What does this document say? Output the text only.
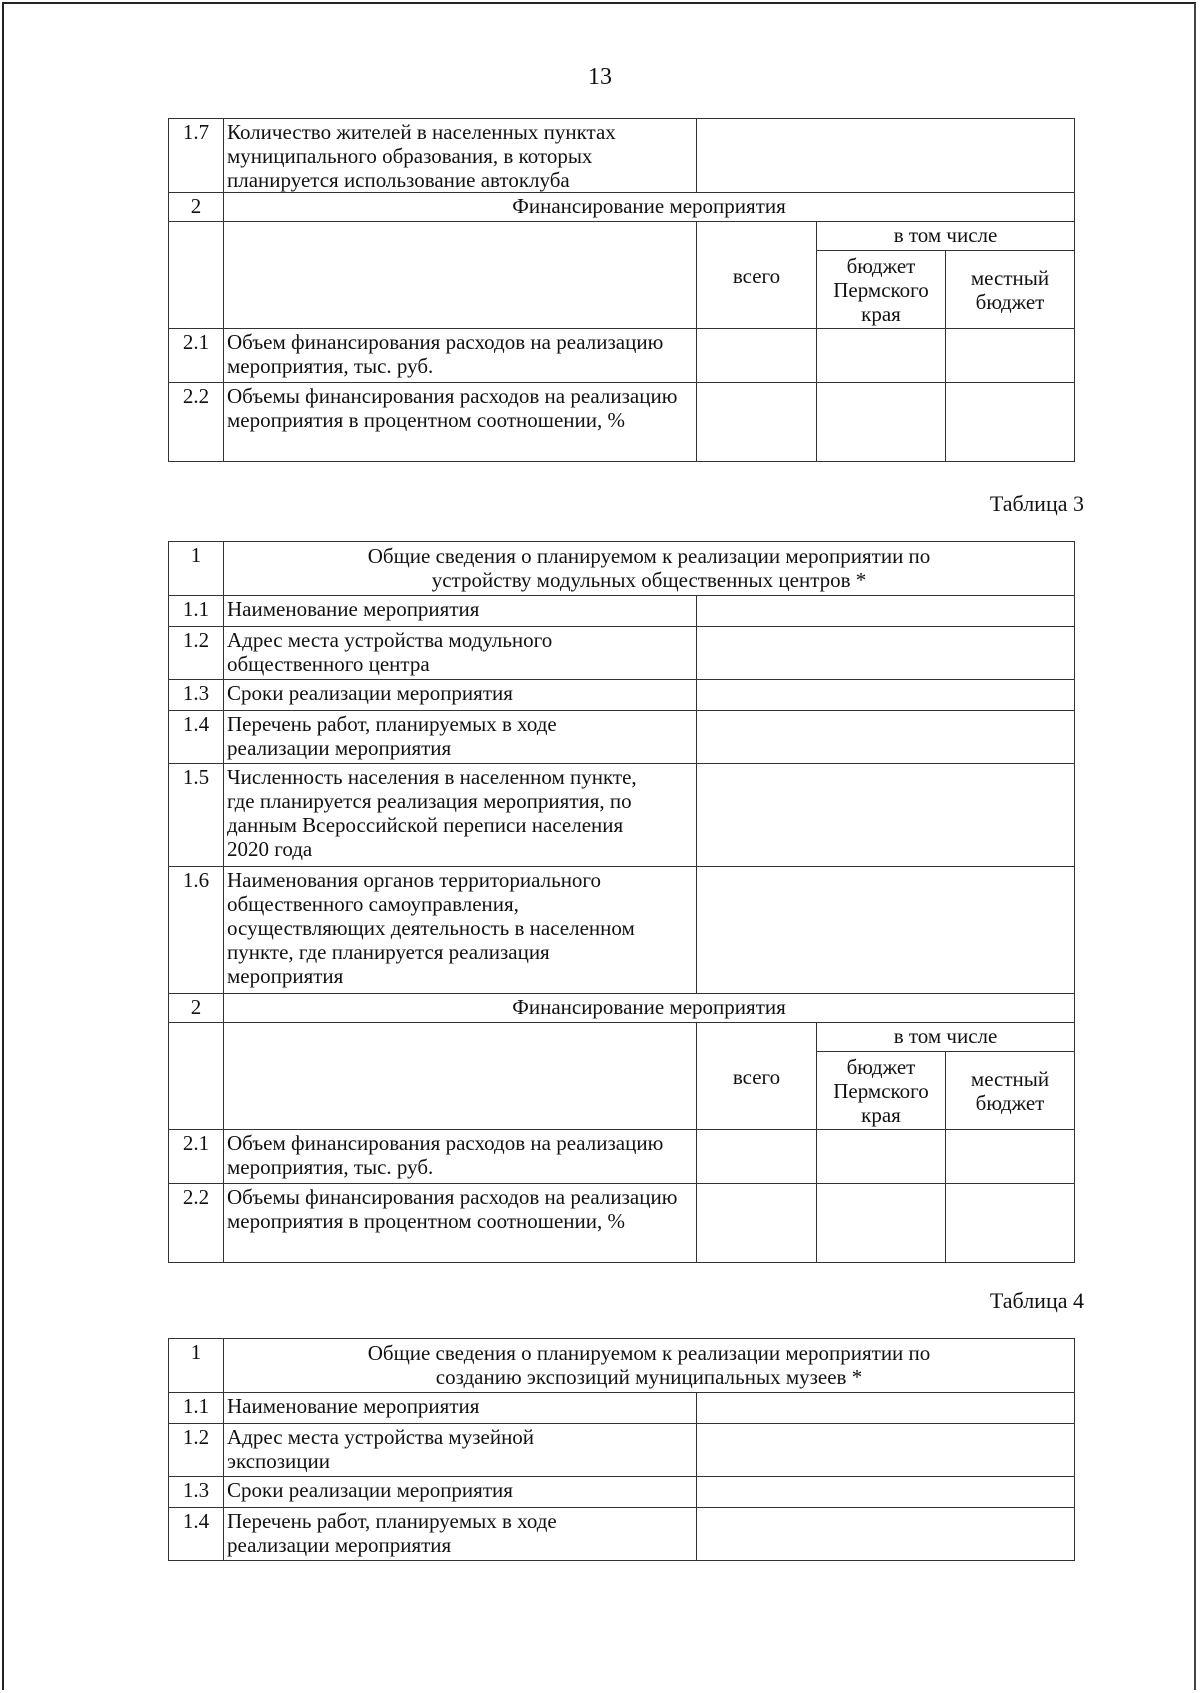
13
1.7	Количество жителей в населенных пунктах муниципального образования, в которых планируется использование автоклуба			
2	Финансирование мероприятия			
		всего	в том числе	
			бюджет Пермского края	местный бюджет
2.1	Объем финансирования расходов на реализацию мероприятия, тыс. руб.			
2.2	Объемы финансирования расходов на реализацию мероприятия в процентном соотношении, %			
Таблица 3
1	Общие сведения о планируемом к реализации мероприятии по устройству модульных общественных центров *			
1.1	Наименование мероприятия			
1.2	Адрес места устройства модульного общественного центра			
1.3	Сроки реализации мероприятия			
1.4	Перечень работ, планируемых в ходе реализации мероприятия			
1.5	Численность населения в населенном пункте, где планируется реализация мероприятия, по данным Всероссийской переписи населения 2020 года			
1.6	Наименования органов территориального общественного самоуправления, осуществляющих деятельность в населенном пункте, где планируется реализация мероприятия			
2	Финансирование мероприятия			
		всего	в том числе	
			бюджет Пермского края	местный бюджет
2.1	Объем финансирования расходов на реализацию мероприятия, тыс. руб.			
2.2	Объемы финансирования расходов на реализацию мероприятия в процентном соотношении, %			
Таблица 4
1	Общие сведения о планируемом к реализации мероприятии по созданию экспозиций муниципальных музеев *	
1.1	Наименование мероприятия	
1.2	Адрес места устройства музейной экспозиции	
1.3	Сроки реализации мероприятия	
1.4	Перечень работ, планируемых в ходе реализации мероприятия	
